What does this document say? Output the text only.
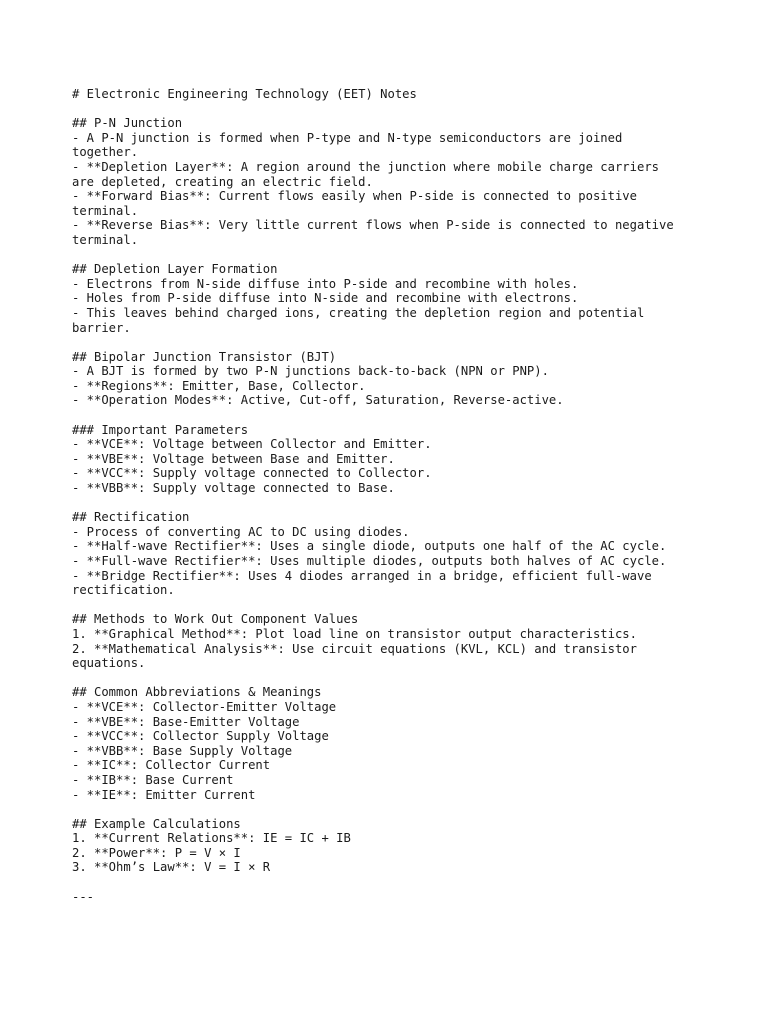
# Electronic Engineering Technology (EET) Notes
## P-N Junction
- A P-N junction is formed when P-type and N-type semiconductors are joined
together.
- **Depletion Layer**: A region around the junction where mobile charge carriers
are depleted, creating an electric field.
- **Forward Bias**: Current flows easily when P-side is connected to positive
terminal.
- **Reverse Bias**: Very little current flows when P-side is connected to negative
terminal.
## Depletion Layer Formation
- Electrons from N-side diffuse into P-side and recombine with holes.
- Holes from P-side diffuse into N-side and recombine with electrons.
- This leaves behind charged ions, creating the depletion region and potential
barrier.
## Bipolar Junction Transistor (BJT)
- A BJT is formed by two P-N junctions back-to-back (NPN or PNP).
- **Regions**: Emitter, Base, Collector.
- **Operation Modes**: Active, Cut-off, Saturation, Reverse-active.
### Important Parameters
- **VCE**: Voltage between Collector and Emitter.
- **VBE**: Voltage between Base and Emitter.
- **VCC**: Supply voltage connected to Collector.
- **VBB**: Supply voltage connected to Base.
## Rectification
- Process of converting AC to DC using diodes.
- **Half-wave Rectifier**: Uses a single diode, outputs one half of the AC cycle.
- **Full-wave Rectifier**: Uses multiple diodes, outputs both halves of AC cycle.
- **Bridge Rectifier**: Uses 4 diodes arranged in a bridge, efficient full-wave
rectification.
## Methods to Work Out Component Values
1. **Graphical Method**: Plot load line on transistor output characteristics.
2. **Mathematical Analysis**: Use circuit equations (KVL, KCL) and transistor
equations.
## Common Abbreviations & Meanings
- **VCE**: Collector-Emitter Voltage
- **VBE**: Base-Emitter Voltage
- **VCC**: Collector Supply Voltage
- **VBB**: Base Supply Voltage
- **IC**: Collector Current
- **IB**: Base Current
- **IE**: Emitter Current
## Example Calculations
1. **Current Relations**: IE = IC + IB
2. **Power**: P = V × I
3. **Ohm’s Law**: V = I × R
---
